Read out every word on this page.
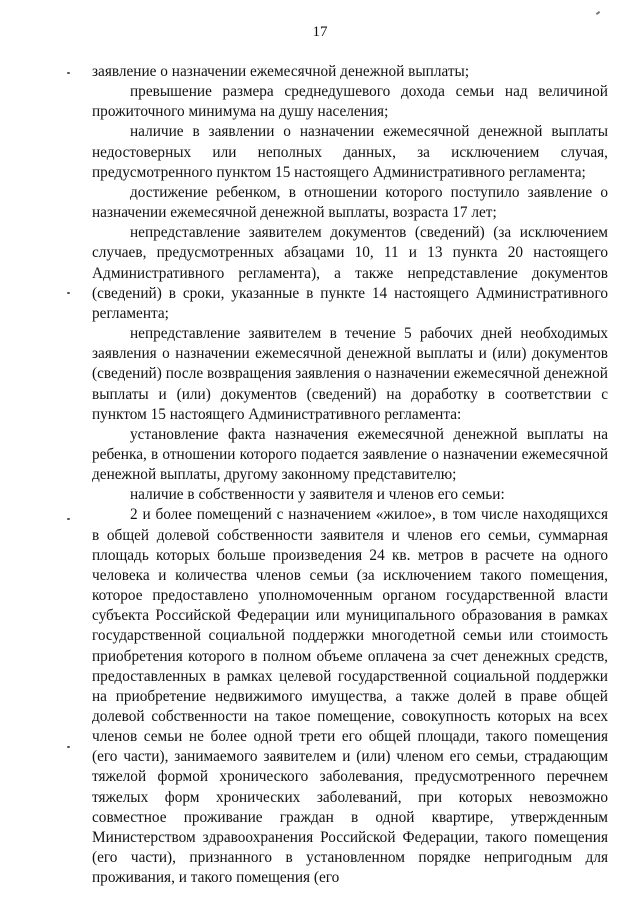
17

заявление о назначении ежемесячной денежной выплаты;

превышение размера среднедушевого дохода семьи над величиной прожиточного минимума на душу населения;

наличие в заявлении о назначении ежемесячной денежной выплаты недостоверных или неполных данных, за исключением случая, предусмотренного пунктом 15 настоящего Административного регламента;

достижение ребенком, в отношении которого поступило заявление о назначении ежемесячной денежной выплаты, возраста 17 лет;

непредставление заявителем документов (сведений) (за исключением случаев, предусмотренных абзацами 10, 11 и 13 пункта 20 настоящего Административного регламента), а также непредставление документов (сведений) в сроки, указанные в пункте 14 настоящего Административного регламента;

непредставление заявителем в течение 5 рабочих дней необходимых заявления о назначении ежемесячной денежной выплаты и (или) документов (сведений) после возвращения заявления о назначении ежемесячной денежной выплаты и (или) документов (сведений) на доработку в соответствии с пунктом 15 настоящего Административного регламента:

установление факта назначения ежемесячной денежной выплаты на ребенка, в отношении которого подается заявление о назначении ежемесячной денежной выплаты, другому законному представителю;

наличие в собственности у заявителя и членов его семьи:

2 и более помещений с назначением «жилое», в том числе находящихся в общей долевой собственности заявителя и членов его семьи, суммарная площадь которых больше произведения 24 кв. метров в расчете на одного человека и количества членов семьи (за исключением такого помещения, которое предоставлено уполномоченным органом государственной власти субъекта Российской Федерации или муниципального образования в рамках государственной социальной поддержки многодетной семьи или стоимость приобретения которого в полном объеме оплачена за счет денежных средств, предоставленных в рамках целевой государственной социальной поддержки на приобретение недвижимого имущества, а также долей в праве общей долевой собственности на такое помещение, совокупность которых на всех членов семьи не более одной трети его общей площади, такого помещения (его части), занимаемого заявителем и (или) членом его семьи, страдающим тяжелой формой хронического заболевания, предусмотренного перечнем тяжелых форм хронических заболеваний, при которых невозможно совместное проживание граждан в одной квартире, утвержденным Министерством здравоохранения Российской Федерации, такого помещения (его части), признанного в установленном порядке непригодным для проживания, и такого помещения (его
